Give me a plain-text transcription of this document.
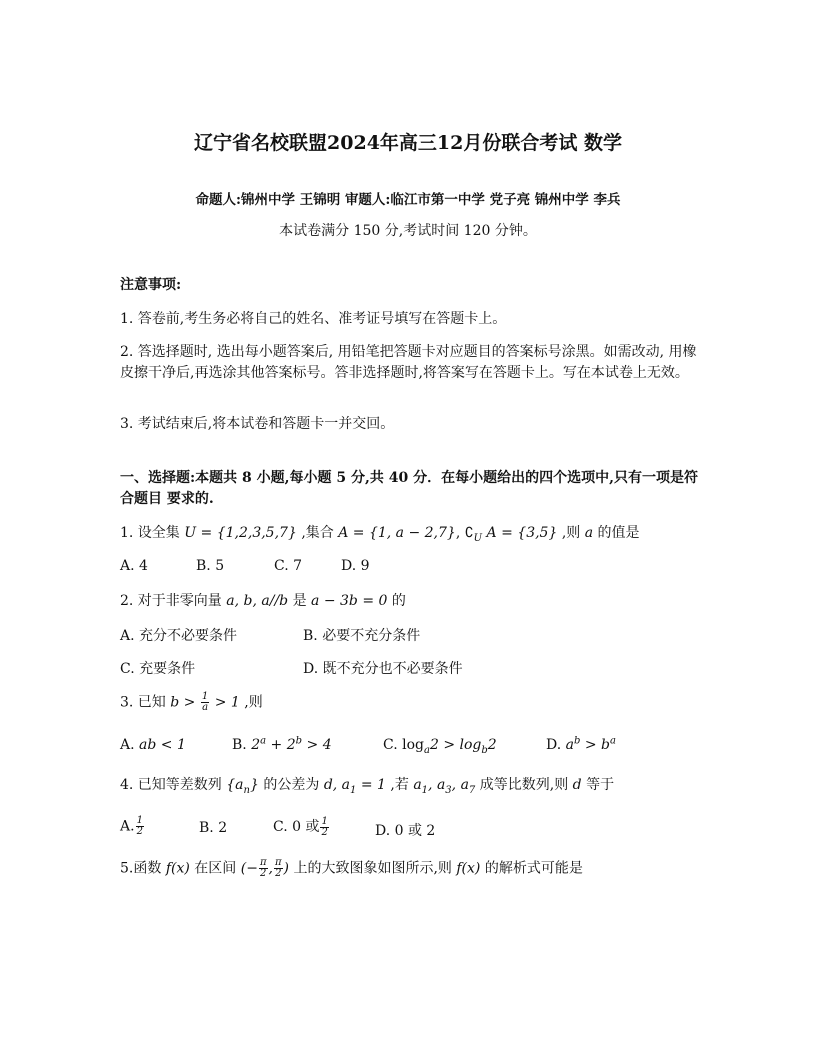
辽宁省名校联盟2024年高三12月份联合考试 数学
命题人:锦州中学 王锦明 审题人:临江市第一中学 党子亮 锦州中学 李兵
本试卷满分 150 分,考试时间 120 分钟。
注意事项:
1. 答卷前,考生务必将自己的姓名、准考证号填写在答题卡上。
2. 答选择题时, 选出每小题答案后, 用铅笔把答题卡对应题目的答案标号涂黑。如需改动, 用橡皮擦干净后,再选涂其他答案标号。答非选择题时,将答案写在答题卡上。写在本试卷上无效。
3. 考试结束后,将本试卷和答题卡一并交回。
一、选择题:本题共 8 小题,每小题 5 分,共 40 分．在每小题给出的四个选项中,只有一项是符合题目 要求的.
1. 设全集 U = {1,2,3,5,7} ,集合 A = {1, a − 2,7}, $∁_U$ A = {3,5} ,则 a 的值是
A. 4	B. 5	C. 7	D. 9
2. 对于非零向量 a, b, a//b 是 a − 3b = 0 的
A. 充分不必要条件	B. 必要不充分条件
C. 充要条件	D. 既不充分也不必要条件
3. 已知 $b > \frac{1}{a} > 1$ ,则
A. ab < 1	B. $2^a + 2^b > 4$	C. $\log_a2 > \log_b2$	D. $a^b > b^a$
4. 已知等差数列 $\{a_n\}$ 的公差为 d, $a_1 = 1$ ,若 $a_1$, $a_3$, $a_7$ 成等比数列,则 d 等于
A. $\frac{1}{2}$	B. 2	C. 0 或 $\frac{1}{2}$	D. 0 或 2
5.函数 f(x) 在区间 (− $\frac{\pi}{2}$ , $\frac{\pi}{2}$ ) 上的大致图象如图所示,则 f(x) 的解析式可能是
